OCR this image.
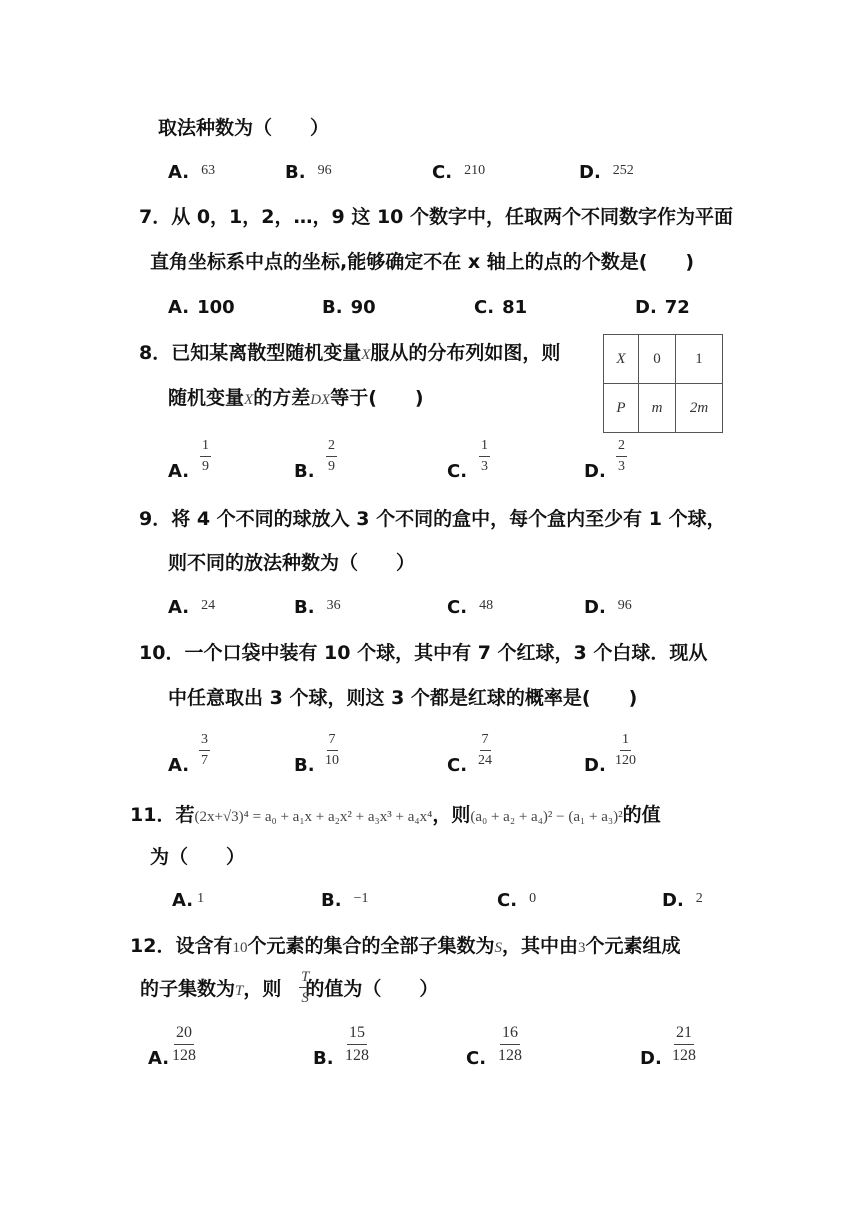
取法种数为（　　）
A. $^{63}$	B. $^{96}$	C. $^{210}$	D. $^{252}$
7．从 0，1，2，…，9 这 10 个数字中，任取两个不同数字作为平面
直角坐标系中点的坐标,能够确定不在 x 轴上的点的个数是(　　)
A. 100	B. 90	C. 81	D. 72
8．已知某离散型随机变量X服从的分布列如图，则
随机变量X的方差DX等于(　　)
X	0	1
P	m	2m
A. $\frac{1}{9}$	B. $\frac{2}{9}$	C. $\frac{1}{3}$	D. $\frac{2}{3}$
9．将 4 个不同的球放入 3 个不同的盒中，每个盒内至少有 1 个球，
则不同的放法种数为（　　）
A. $^{24}$	B. $^{36}$	C. $^{48}$	D. $^{96}$
10．一个口袋中装有 10 个球，其中有 7 个红球，3 个白球．现从
中任意取出 3 个球，则这 3 个都是红球的概率是(　　)
A. $\frac{3}{7}$	B. $\frac{7}{10}$	C. $\frac{7}{24}$	D. $\frac{1}{120}$
11．若(2x+√3)⁴ = a₀ + a₁x + a₂x² + a₃x³ + a₄x⁴，则(a₀ + a₂ + a₄)² − (a₁ + a₃)²的值
为（　　）
A. $^1$	B. $^{-1}$	C. $^0$	D. $^2$
12．设含有10个元素的集合的全部子集数为S，其中由3个元素组成
的子集数为T，则 的值为（　　）
$\frac{T}{S}$
A. $\frac{20}{128}$	B. $\frac{15}{128}$	C. $\frac{16}{128}$	D. $\frac{21}{128}$
